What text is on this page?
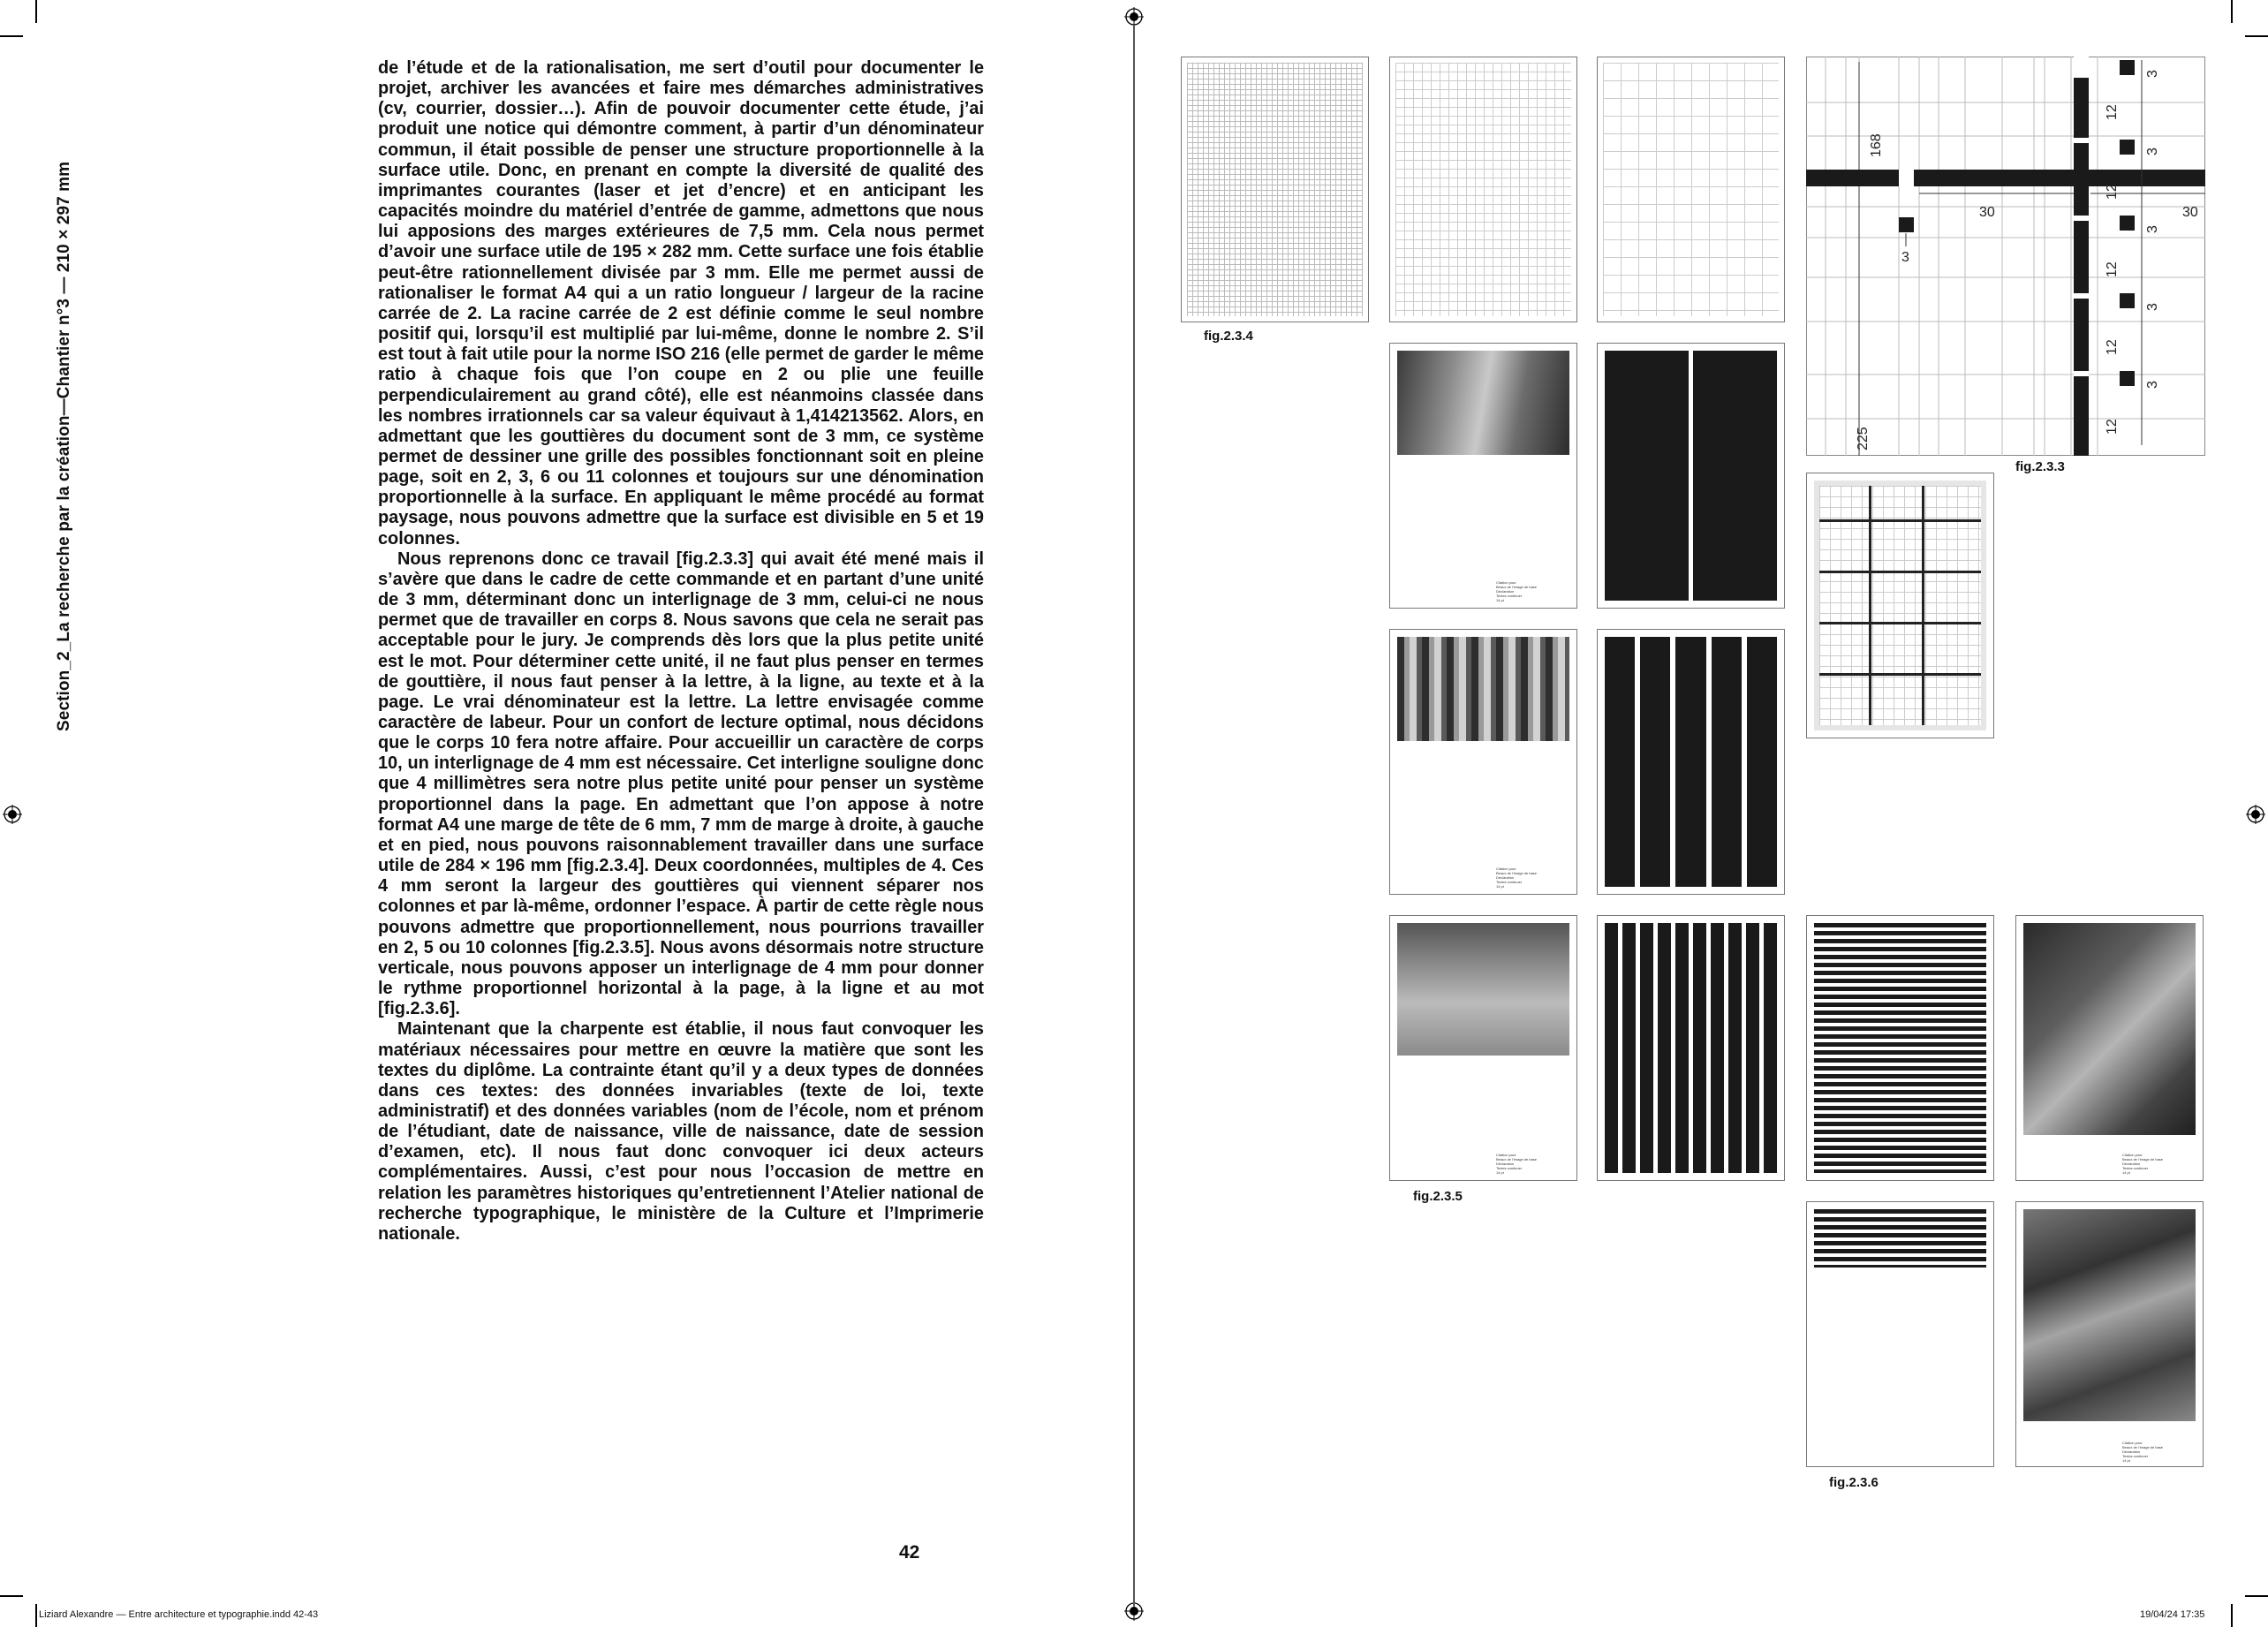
Section_2_La recherche par la création—Chantier n°3 — 210 × 297 mm

de l’étude et de la rationalisation, me sert d’outil pour documenter le projet, archiver les avancées et faire mes démarches administratives (cv, courrier, dossier…). Afin de pouvoir documenter cette étude, j’ai produit une notice qui démontre comment, à partir d’un dénominateur commun, il était possible de penser une structure proportionnelle à la surface utile. Donc, en prenant en compte la diversité de qualité des imprimantes courantes (laser et jet d’encre) et en anticipant les capacités moindre du matériel d’entrée de gamme, admettons que nous lui apposions des marges extérieures de 7,5 mm. Cela nous permet d’avoir une surface utile de 195 × 282 mm. Cette surface une fois établie peut-être rationnellement divisée par 3 mm. Elle me permet aussi de rationaliser le format A4 qui a un ratio longueur / largeur de la racine carrée de 2. La racine carrée de 2 est définie comme le seul nombre positif qui, lorsqu’il est multiplié par lui-même, donne le nombre 2. S’il est tout à fait utile pour la norme ISO 216 (elle permet de garder le même ratio à chaque fois que l’on coupe en 2 ou plie une feuille perpendiculairement au grand côté), elle est néanmoins classée dans les nombres irrationnels car sa valeur équivaut à 1,414213562. Alors, en admettant que les gouttières du document sont de 3 mm, ce système permet de dessiner une grille des possibles fonctionnant soit en pleine page, soit en 2, 3, 6 ou 11 colonnes et toujours sur une dénomination proportionnelle à la surface. En appliquant le même procédé au format paysage, nous pouvons admettre que la surface est divisible en 5 et 19 colonnes.

Nous reprenons donc ce travail [fig.2.3.3] qui avait été mené mais il s’avère que dans le cadre de cette commande et en partant d’une unité de 3 mm, déterminant donc un interlignage de 3 mm, celui-ci ne nous permet que de travailler en corps 8. Nous savons que cela ne serait pas acceptable pour le jury. Je comprends dès lors que la plus petite unité est le mot. Pour déterminer cette unité, il ne faut plus penser en termes de gouttière, il nous faut penser à la lettre, à la ligne, au texte et à la page. Le vrai dénominateur est la lettre. La lettre envisagée comme caractère de labeur. Pour un confort de lecture optimal, nous décidons que le corps 10 fera notre affaire. Pour accueillir un caractère de corps 10, un interlignage de 4 mm est nécessaire. Cet interligne souligne donc que 4 millimètres sera notre plus petite unité pour penser un système proportionnel dans la page. En admettant que l’on appose à notre format A4 une marge de tête de 6 mm, 7 mm de marge à droite, à gauche et en pied, nous pouvons raisonnablement travailler dans une surface utile de 284 × 196 mm [fig.2.3.4]. Deux coordonnées, multiples de 4. Ces 4 mm seront la largeur des gouttières qui viennent séparer nos colonnes et par là-même, ordonner l’espace. À partir de cette règle nous pouvons admettre que proportionnellement, nous pourrions travailler en 2, 5 ou 10 colonnes [fig.2.3.5]. Nous avons désormais notre structure verticale, nous pouvons apposer un interlignage de 4 mm pour donner le rythme proportionnel horizontal à la page, à la ligne et au mot [fig.2.3.6].

Maintenant que la charpente est établie, il nous faut convoquer les matériaux nécessaires pour mettre en œuvre la matière que sont les textes du diplôme. La contrainte étant qu’il y a deux types de données dans ces textes: des données invariables (texte de loi, texte administratif) et des données variables (nom de l’école, nom et prénom de l’étudiant, date de naissance, ville de naissance, date de session d’examen, etc). Il nous faut donc convoquer ici deux acteurs complémentaires. Aussi, c’est pour nous l’occasion de mettre en relation les paramètres historiques qu’entretiennent l’Atelier national de recherche typographique, le ministère de la Culture et l’Imprimerie nationale.

42
Liziard Alexandre — Entre architecture et typographie.indd 42-43	19/04/24 17:35
fig.2.3.4
168
225
30	30
3
3
3
3
3
3
12
12
12
12
12
fig.2.3.3
Citation pour
Beaux de l’image de base
Déclaration
Textes continuer
14 pt
Citation pour
Beaux de l’image de base
Déclaration
Textes continuer
14 pt
Citation pour
Beaux de l’image de base
Déclaration
Textes continuer
14 pt
Citation pour
Beaux de l’image de base
Déclaration
Textes continuer
14 pt
fig.2.3.5
Citation pour
Beaux de l’image de base
Déclaration
Textes continuer
14 pt
fig.2.3.6
